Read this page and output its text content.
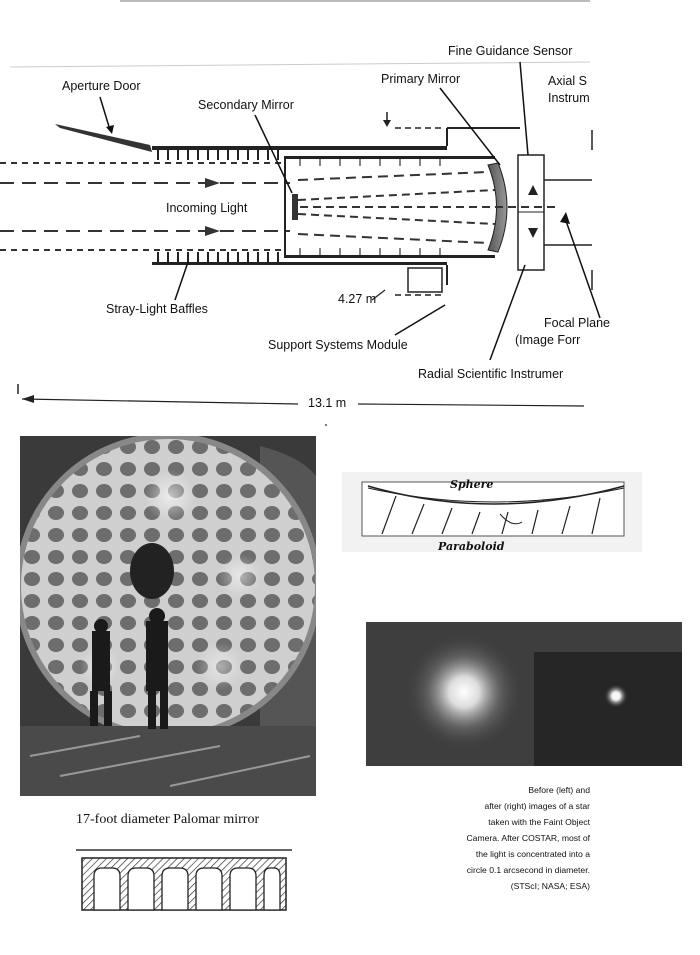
Fine Guidance Sensor
Axial S
Instrum
Aperture Door	Primary Mirror
Secondary Mirror
Incoming Light
Stray-Light Baffles
4.27 m
Focal Plane
(Image Forr
Support Systems Module
Radial Scientific Instrumer
13.1 m
17-foot diameter Palomar mirror
Sphere
Paraboloid
Before (left) and
after (right) images of a star
taken with the Faint Object
Camera. After COSTAR, most of
the light is concentrated into a
circle 0.1 arcsecond in diameter.
(STScI; NASA; ESA)
